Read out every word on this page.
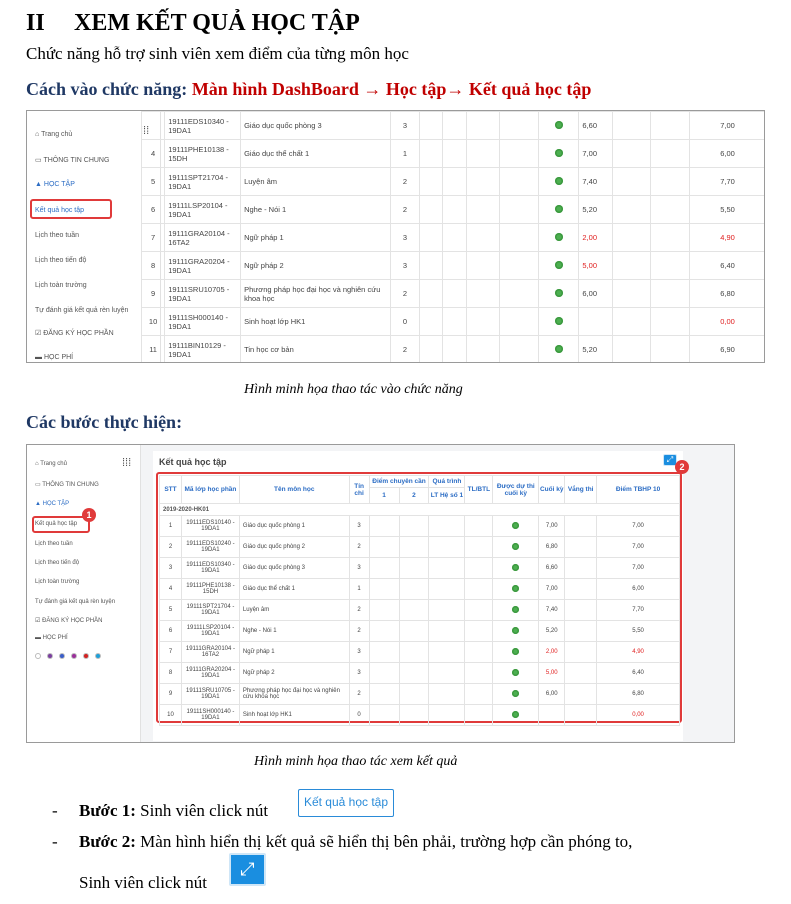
II XEM KẾT QUẢ HỌC TẬP
Chức năng hỗ trợ sinh viên xem điểm của từng môn học
Cách vào chức năng: Màn hình DashBoard → Học tập→ Kết quả học tập
⌂ Trang chủ
▭ THÔNG TIN CHUNG
▲ HỌC TẬP
Kết quả học tập
Lịch theo tuần
Lịch theo tiến độ
Lịch toàn trường
Tự đánh giá kết quả rèn luyện
☑ ĐĂNG KÝ HỌC PHẦN
▬ HỌC PHÍ
⁞⁞⁞
	19111EDS10340 - 19DA1	Giáo dục quốc phòng 3	3						6,60			7,00
4	19111PHE10138 - 15DH	Giáo dục thể chất 1	1						7,00			6,00
5	19111SPT21704 - 19DA1	Luyện âm	2						7,40			7,70
6	19111LSP20104 - 19DA1	Nghe - Nói 1	2						5,20			5,50
7	19111GRA20104 - 16TA2	Ngữ pháp 1	3						2,00			4,90
8	19111GRA20204 - 19DA1	Ngữ pháp 2	3						5,00			6,40
9	19111SRU10705 - 19DA1	Phương pháp học đại học và nghiên cứu khoa học	2						6,00			6,80
10	19111SH000140 - 19DA1	Sinh hoạt lớp HK1	0									0,00
11	19111BIN10129 - 19DA1	Tin học cơ bản	2						5,20			6,90
Hình minh họa thao tác vào chức năng
Các bước thực hiện:
⌂ Trang chủ
▭ THÔNG TIN CHUNG
▲ HỌC TẬP
Kết quả học tập
Lịch theo tuần
Lịch theo tiến độ
Lịch toàn trường
Tự đánh giá kết quả rèn luyện
☑ ĐĂNG KÝ HỌC PHẦN
▬ HỌC PHÍ
1
⁞⁞⁞	Kết quả học tập	⤢
2
STT	Mã lớp học phần	Tên môn học	Tín chỉ	Điểm chuyên cần		Quá trình	TL/BTL	Được dự thi cuối kỳ	Cuối kỳ	Vắng thi	Điểm TBHP 10
				1	2	LT Hệ số 1					
2019-2020-HK01											
1	19111EDS10140 - 19DA1	Giáo dục quốc phòng 1	3						7,00		7,00
2	19111EDS10240 - 19DA1	Giáo dục quốc phòng 2	2						6,80		7,00
3	19111EDS10340 - 19DA1	Giáo dục quốc phòng 3	3						6,60		7,00
4	19111PHE10138 - 15DH	Giáo dục thể chất 1	1						7,00		6,00
5	19111SPT21704 - 19DA1	Luyện âm	2						7,40		7,70
6	19111LSP20104 - 19DA1	Nghe - Nói 1	2						5,20		5,50
7	19111GRA20104 - 16TA2	Ngữ pháp 1	3						2,00		4,90
8	19111GRA20204 - 19DA1	Ngữ pháp 2	3						5,00		6,40
9	19111SRU10705 - 19DA1	Phương pháp học đại học và nghiên cứu khoa học	2						6,00		6,80
10	19111SH000140 - 19DA1	Sinh hoạt lớp HK1	0								0,00
Hình minh họa thao tác xem kết quả
- Bước 1: Sinh viên click nút	Kết quả học tập
- Bước 2: Màn hình hiển thị kết quả sẽ hiển thị bên phải, trường hợp cần phóng to,
Sinh viên click nút
⤢
